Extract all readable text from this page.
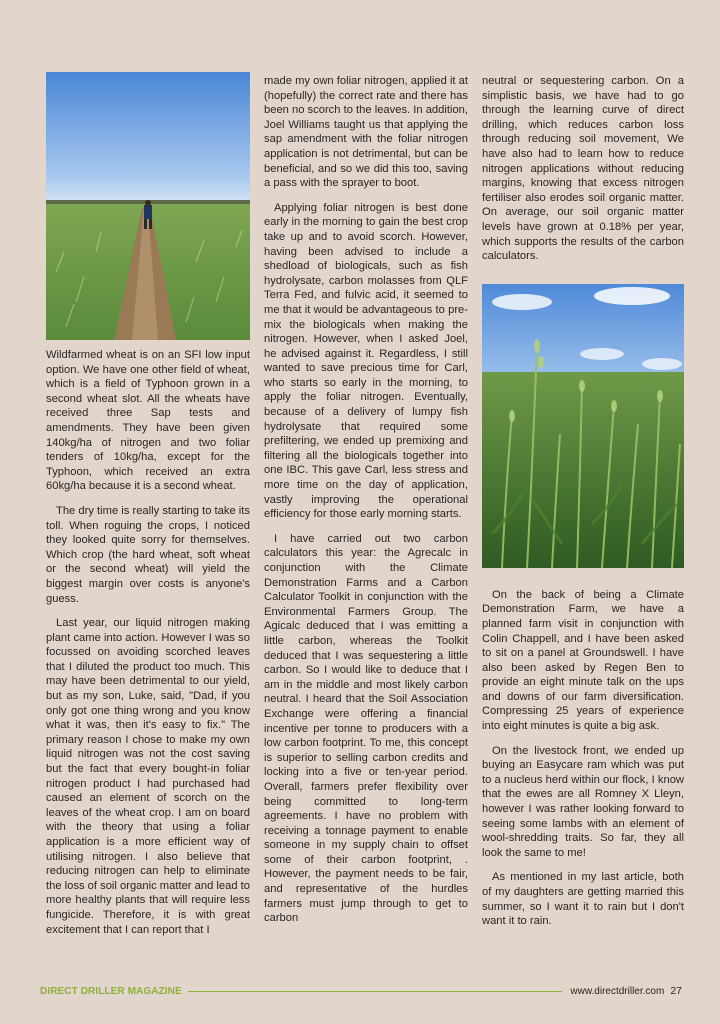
Wildfarmed wheat is on an SFI low input option. We have one other field of wheat, which is a field of Typhoon grown in a second wheat slot. All the wheats have received three Sap tests and amendments. They have been given 140kg/ha of nitrogen and two foliar tenders of 10kg/ha, except for the Typhoon, which received an extra 60kg/ha because it is a second wheat.

The dry time is really starting to take its toll. When roguing the crops, I noticed they looked quite sorry for themselves. Which crop (the hard wheat, soft wheat or the second wheat) will yield the biggest margin over costs is anyone's guess.

Last year, our liquid nitrogen making plant came into action. However I was so focussed on avoiding scorched leaves that I diluted the product too much. This may have been detrimental to our yield, but as my son, Luke, said, "Dad, if you only got one thing wrong and you know what it was, then it's easy to fix." The primary reason I chose to make my own liquid nitrogen was not the cost saving but the fact that every bought-in foliar nitrogen product I had purchased had caused an element of scorch on the leaves of the wheat crop. I am on board with the theory that using a foliar application is a more efficient way of utilising nitrogen. I also believe that reducing nitrogen can help to eliminate the loss of soil organic matter and lead to more healthy plants that will require less fungicide. Therefore, it is with great excitement that I can report that I

made my own foliar nitrogen, applied it at (hopefully) the correct rate and there has been no scorch to the leaves. In addition, Joel Williams taught us that applying the sap amendment with the foliar nitrogen application is not detrimental, but can be beneficial, and so we did this too, saving a pass with the sprayer to boot.

Applying foliar nitrogen is best done early in the morning to gain the best crop take up and to avoid scorch. However, having been advised to include a shedload of biologicals, such as fish hydrolysate, carbon molasses from QLF Terra Fed, and fulvic acid, it seemed to me that it would be advantageous to pre-mix the biologicals when making the nitrogen. However, when I asked Joel, he advised against it. Regardless, I still wanted to save precious time for Carl, who starts so early in the morning, to apply the foliar nitrogen. Eventually, because of a delivery of lumpy fish hydrolysate that required some prefiltering, we ended up premixing and filtering all the biologicals together into one IBC. This gave Carl, less stress and more time on the day of application, vastly improving the operational efficiency for those early morning starts.

I have carried out two carbon calculators this year: the Agrecalc in conjunction with the Climate Demonstration Farms and a Carbon Calculator Toolkit in conjunction with the Environmental Farmers Group. The Agicalc deduced that I was emitting a little carbon, whereas the Toolkit deduced that I was sequestering a little carbon. So I would like to deduce that I am in the middle and most likely carbon neutral. I heard that the Soil Association Exchange were offering a financial incentive per tonne to producers with a low carbon footprint. To me, this concept is superior to selling carbon credits and locking into a five or ten-year period. Overall, farmers prefer flexibility over being committed to long-term agreements. I have no problem with receiving a tonnage payment to enable someone in my supply chain to offset some of their carbon footprint, . However, the payment needs to be fair, and representative of the hurdles farmers must jump through to get to carbon

neutral or sequestering carbon. On a simplistic basis, we have had to go through the learning curve of direct drilling, which reduces carbon loss through reducing soil movement, We have also had to learn how to reduce nitrogen applications without reducing margins, knowing that excess nitrogen fertiliser also erodes soil organic matter. On average, our soil organic matter levels have grown at 0.18% per year, which supports the results of the carbon calculators.

On the back of being a Climate Demonstration Farm, we have a planned farm visit in conjunction with Colin Chappell, and I have been asked to sit on a panel at Groundswell. I have also been asked by Regen Ben to provide an eight minute talk on the ups and downs of our farm diversification. Compressing 25 years of experience into eight minutes is quite a big ask.

On the livestock front, we ended up buying an Easycare ram which was put to a nucleus herd within our flock, I know that the ewes are all Romney X Lleyn, however I was rather looking forward to seeing some lambs with an element of wool-shredding traits. So far, they all look the same to me!

As mentioned in my last article, both of my daughters are getting married this summer, so I want it to rain but I don't want it to rain.

DIRECT DRILLER MAGAZINE	www.directdriller.com 27
